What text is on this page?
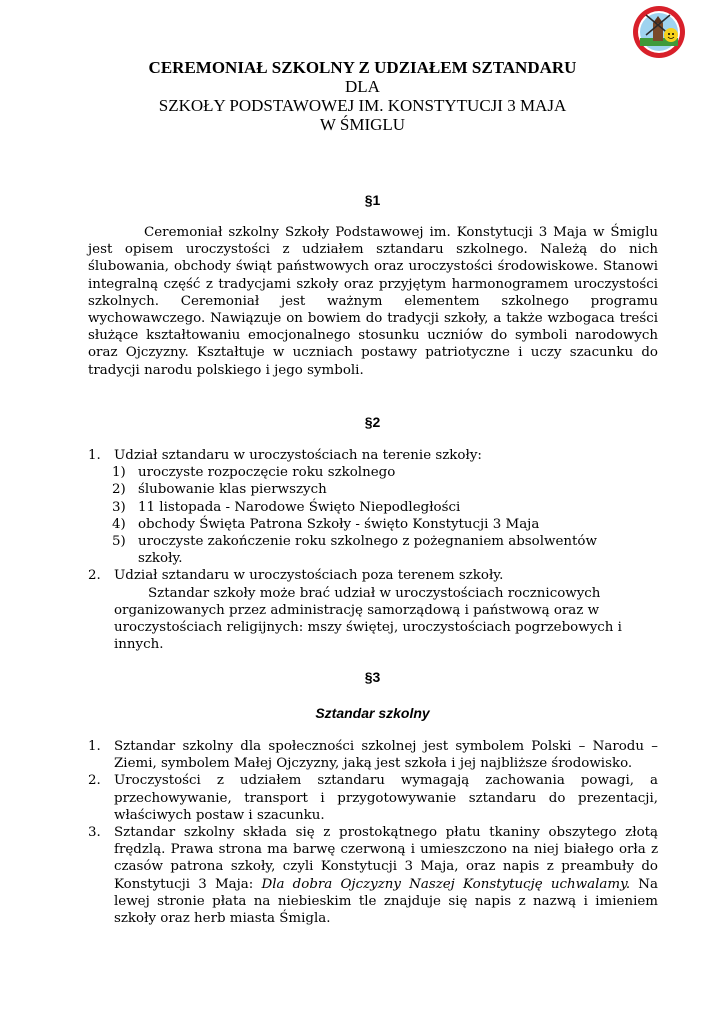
CEREMONIAŁ SZKOLNY Z UDZIAŁEM SZTANDARU
DLA
SZKOŁY PODSTAWOWEJ IM. KONSTYTUCJI 3 MAJA
W ŚMIGLU
§1
Ceremoniał szkolny Szkoły Podstawowej im. Konstytucji 3 Maja w Śmiglu jest opisem uroczystości z udziałem sztandaru szkolnego. Należą do nich ślubowania, obchody świąt państwowych oraz uroczystości środowiskowe. Stanowi integralną część z tradycjami szkoły oraz przyjętym harmonogramem uroczystości szkolnych. Ceremoniał jest ważnym elementem szkolnego programu wychowawczego. Nawiązuje on bowiem do tradycji szkoły, a także wzbogaca treści służące kształtowaniu emocjonalnego stosunku uczniów do symboli narodowych oraz Ojczyzny. Kształtuje w uczniach postawy patriotyczne i uczy szacunku do tradycji narodu polskiego i jego symboli.
§2
1. Udział sztandaru w uroczystościach na terenie szkoły:
1) uroczyste rozpoczęcie roku szkolnego
2) ślubowanie klas pierwszych
3) 11 listopada - Narodowe Święto Niepodległości
4) obchody Święta Patrona Szkoły - święto Konstytucji 3 Maja
5) uroczyste zakończenie roku szkolnego z pożegnaniem absolwentów szkoły.
2. Udział sztandaru w uroczystościach poza terenem szkoły.
Sztandar szkoły może brać udział w uroczystościach rocznicowych organizowanych przez administrację samorządową i państwową oraz w uroczystościach religijnych: mszy świętej, uroczystościach pogrzebowych i innych.
§3
Sztandar szkolny
1. Sztandar szkolny dla społeczności szkolnej jest symbolem Polski – Narodu – Ziemi, symbolem Małej Ojczyzny, jaką jest szkoła i jej najbliższe środowisko.
2. Uroczystości z udziałem sztandaru wymagają zachowania powagi, a przechowywanie, transport i przygotowywanie sztandaru do prezentacji, właściwych postaw i szacunku.
3. Sztandar szkolny składa się z prostokątnego płatu tkaniny obszytego złotą frędzlą. Prawa strona ma barwę czerwoną i umieszczono na niej białego orła z czasów patrona szkoły, czyli Konstytucji 3 Maja, oraz napis z preambuły do Konstytucji 3 Maja: Dla dobra Ojczyzny Naszej Konstytucję uchwalamy. Na lewej stronie płata na niebieskim tle znajduje się napis z nazwą i imieniem szkoły oraz herb miasta Śmigla.
